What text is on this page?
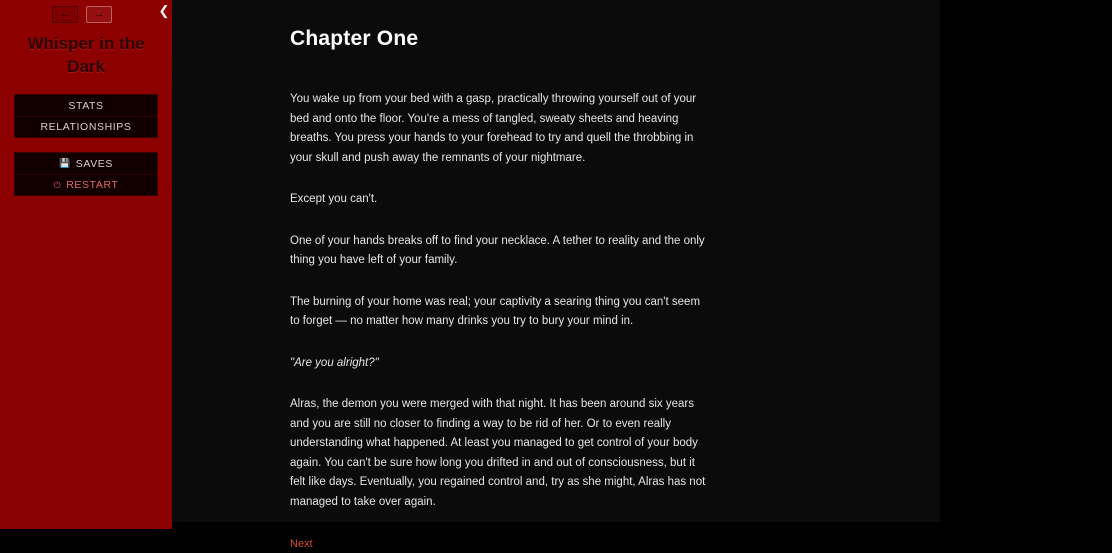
←	→
Whisper in the Dark
STATS
RELATIONSHIPS
💾 SAVES
⏻ RESTART
❮
Chapter One

You wake up from your bed with a gasp, practically throwing yourself out of your bed and onto the floor. You're a mess of tangled, sweaty sheets and heaving breaths. You press your hands to your forehead to try and quell the throbbing in your skull and push away the remnants of your nightmare.

Except you can't.

One of your hands breaks off to find your necklace. A tether to reality and the only thing you have left of your family.

The burning of your home was real; your captivity a searing thing you can't seem to forget — no matter how many drinks you try to bury your mind in.

"Are you alright?"

Alras, the demon you were merged with that night. It has been around six years and you are still no closer to finding a way to be rid of her. Or to even really understanding what happened. At least you managed to get control of your body again. You can't be sure how long you drifted in and out of consciousness, but it felt like days. Eventually, you regained control and, try as she might, Alras has not managed to take over again.

Next
